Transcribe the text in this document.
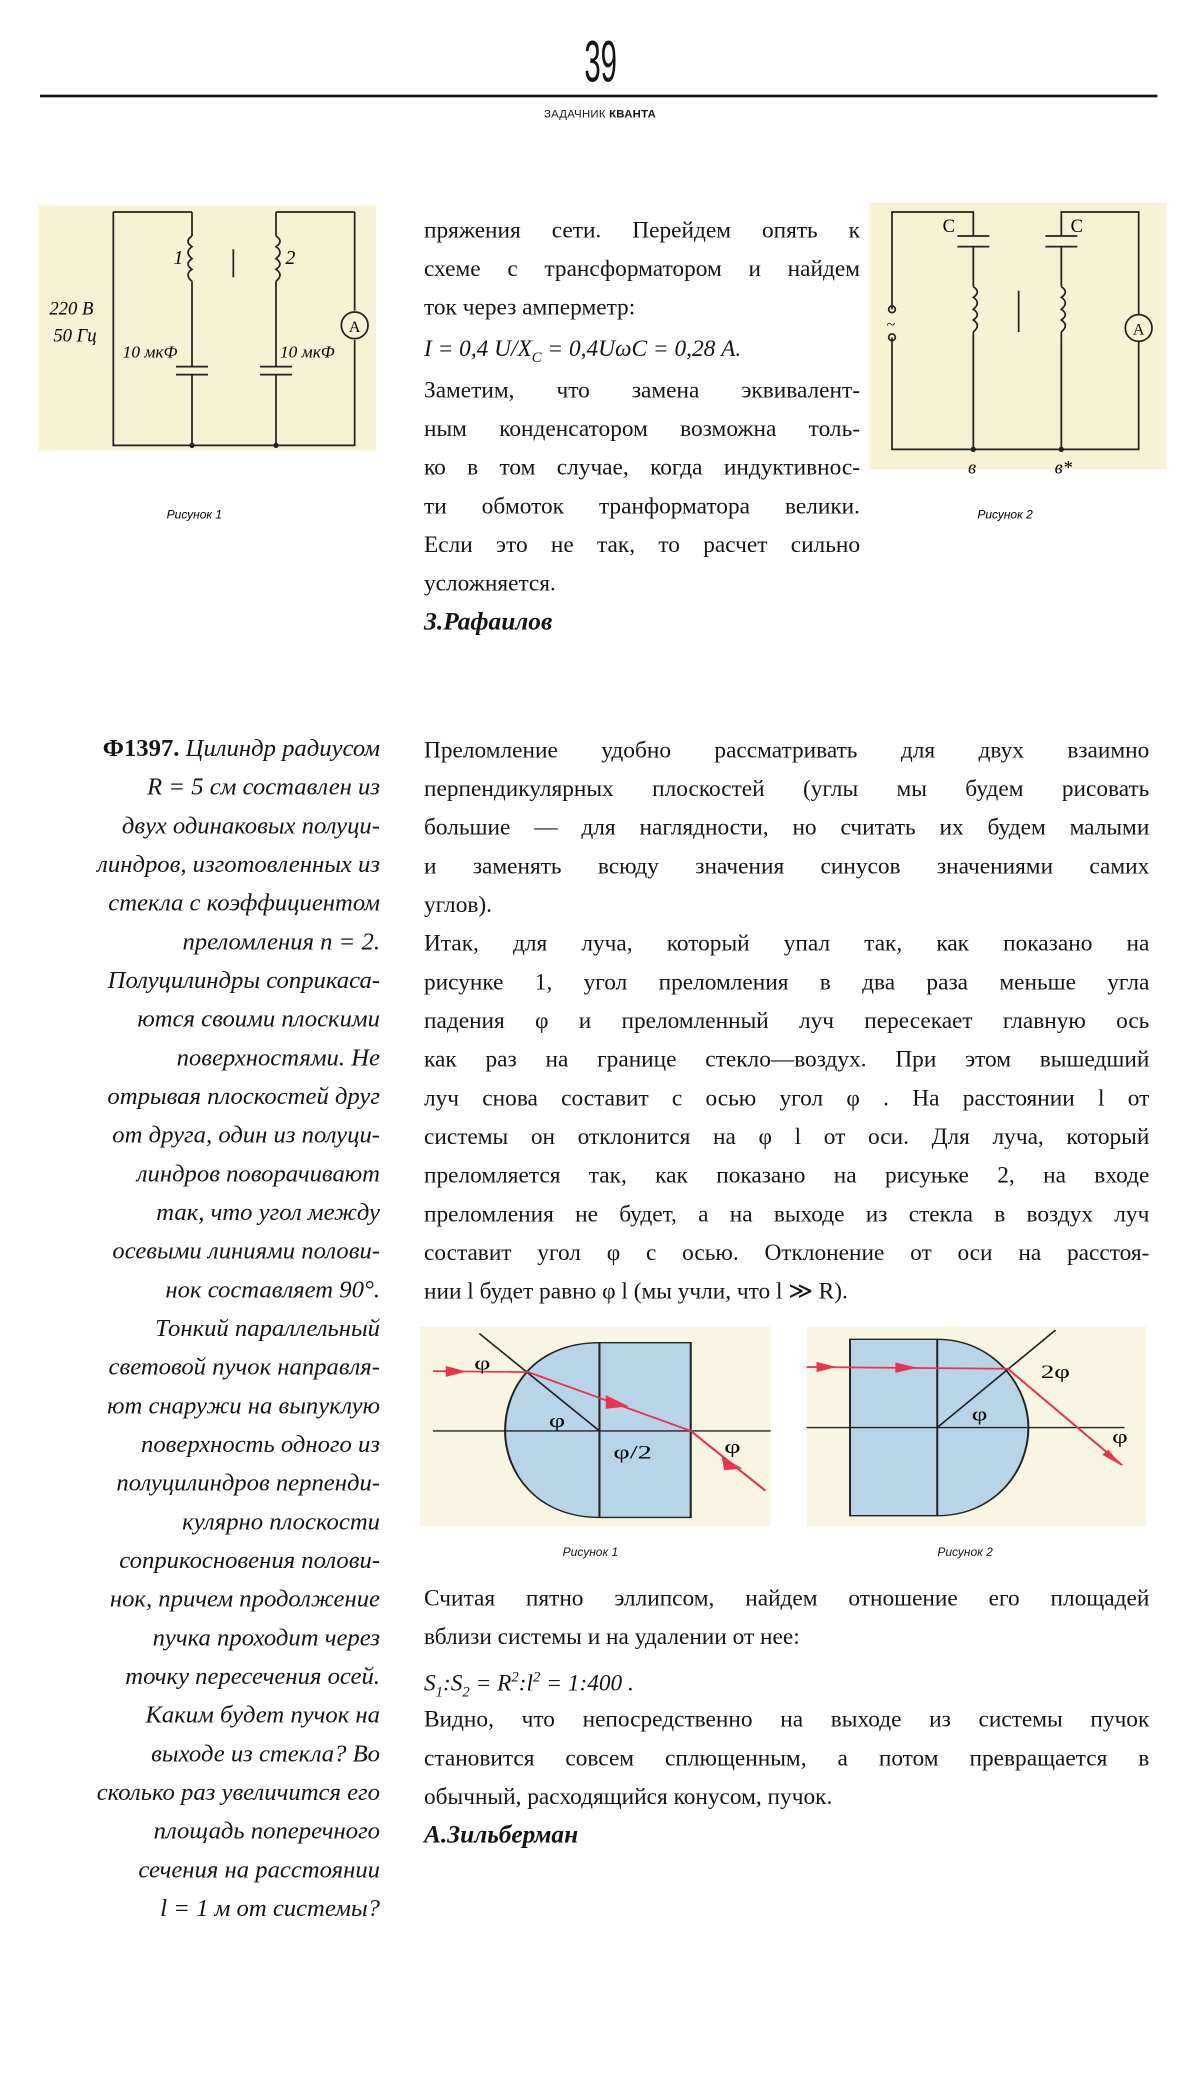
39
ЗАДАЧНИК КВАНТА
A
1	2
220 В
50 Гц
10 мкФ	10 мкФ
Рисунок 1
A
~
C	C
в	в*
Рисунок 2
пряжения сети. Перейдем опять к
схеме с трансформатором и найдем
ток через амперметр:
I = 0,4 $U/X_C = 0,4U\omega C = 0,28$ А.
Заметим, что замена эквивалент-
ным конденсатором возможна толь-
ко в том случае, когда индуктивнос-
ти обмоток транформатора велики.
Если это не так, то расчет сильно
усложняется.
З.Рафаилов
Ф1397. Цилиндр радиусом
R = 5 см составлен из
двух одинаковых полуци-
линдров, изготовленных из
стекла с коэффициентом
преломления n = 2.
Полуцилиндры соприкаса-
ются своими плоскими
поверхностями. Не
отрывая плоскостей друг
от друга, один из полуци-
линдров поворачивают
так, что угол между
осевыми линиями полови-
нок составляет 90°.
Тонкий параллельный
световой пучок направля-
ют снаружи на выпуклую
поверхность одного из
полуцилиндров перпенди-
кулярно плоскости
соприкосновения полови-
нок, причем продолжение
пучка проходит через
точку пересечения осей.
Каким будет пучок на
выходе из стекла? Во
сколько раз увеличится его
площадь поперечного
сечения на расстоянии
l = 1 м от системы?
Преломление удобно рассматривать для двух взаимно
перпендикулярных плоскостей (углы мы будем рисовать
большие — для наглядности, но считать их будем малыми
и заменять всюду значения синусов значениями самих
углов).
Итак, для луча, который упал так, как показано на
рисунке 1, угол преломления в два раза меньше угла
падения φ и преломленный луч пересекает главную ось
как раз на границе стекло—воздух. При этом вышедший
луч снова составит с осью угол φ . На расстоянии l от
системы он отклонится на φ l от оси. Для луча, который
преломляется так, как показано на рисуњке 2, на входе
преломления не будет, а на выходе из стекла в воздух луч
составит угол φ с осью. Отклонение от оси на расстоя-
нии l будет равно φ l (мы учли, что l ≫ R).
φ
φ
φ/2 φ
Рисунок 1
2φ
φ
φ
Рисунок 2
Считая пятно эллипсом, найдем отношение его площадей
вблизи системы и на удалении от нее:
$S_1:S_2$ = $R^2:l^2$ = 1:400 .
Видно, что непосредственно на выходе из системы пучок
становится совсем сплющенным, а потом превращается в
обычный, расходящийся конусом, пучок.
А.Зильберман
